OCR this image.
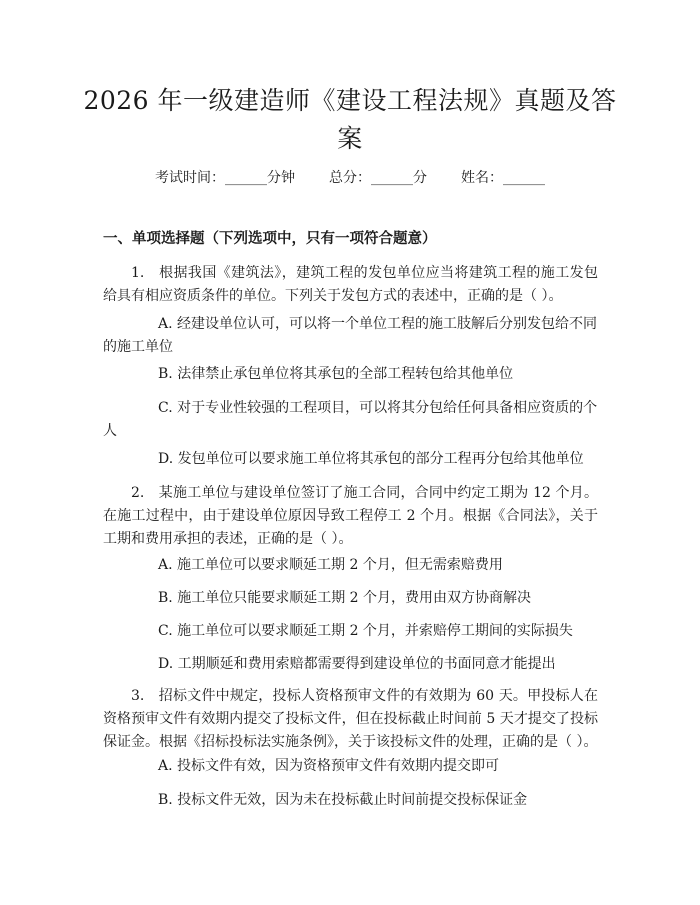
2026 年一级建造师《建设工程法规》真题及答案
考试时间：______分钟 总分：______分 姓名：______
一、单项选择题（下列选项中，只有一项符合题意）
1.　根据我国《建筑法》，建筑工程的发包单位应当将建筑工程的施工发包给具有相应资质条件的单位。下列关于发包方式的表述中，正确的是（ ）。
A. 经建设单位认可，可以将一个单位工程的施工肢解后分别发包给不同的施工单位
B. 法律禁止承包单位将其承包的全部工程转包给其他单位
C. 对于专业性较强的工程项目，可以将其分包给任何具备相应资质的个人
D. 发包单位可以要求施工单位将其承包的部分工程再分包给其他单位
2.　某施工单位与建设单位签订了施工合同，合同中约定工期为 12 个月。在施工过程中，由于建设单位原因导致工程停工 2 个月。根据《合同法》，关于工期和费用承担的表述，正确的是（ ）。
A. 施工单位可以要求顺延工期 2 个月，但无需索赔费用
B. 施工单位只能要求顺延工期 2 个月，费用由双方协商解决
C. 施工单位可以要求顺延工期 2 个月，并索赔停工期间的实际损失
D. 工期顺延和费用索赔都需要得到建设单位的书面同意才能提出
3.　招标文件中规定，投标人资格预审文件的有效期为 60 天。甲投标人在资格预审文件有效期内提交了投标文件，但在投标截止时间前 5 天才提交了投标保证金。根据《招标投标法实施条例》，关于该投标文件的处理，正确的是（ ）。
A. 投标文件有效，因为资格预审文件有效期内提交即可
B. 投标文件无效，因为未在投标截止时间前提交投标保证金
